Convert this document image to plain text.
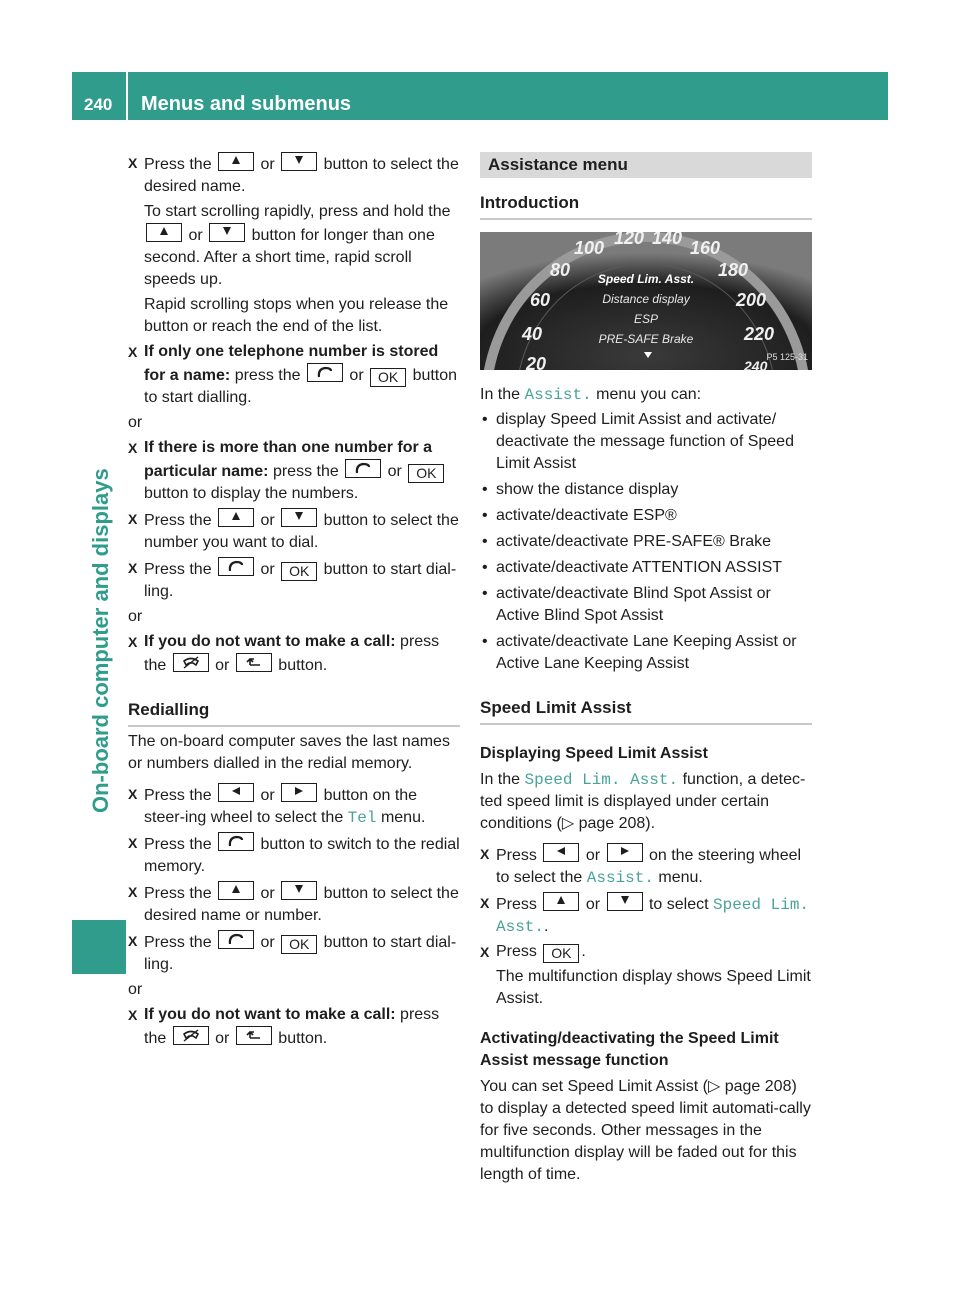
240 Menus and submenus
On-board computer and displays
X Press the	or	button to select the desired name.
To start scrolling rapidly, press and hold the
or	button for longer than one second. After a short time, rapid scroll speeds up.
Rapid scrolling stops when you release the button or reach the end of the list.
X If only one telephone number is stored for a name: press the	or OK button to start dialling.
or
X If there is more than one number for a particular name: press the	or OK button to display the numbers.
X Press the	or	button to select the number you want to dial.
X Press the	or OK button to start dial-ling.
or
X If you do not want to make a call: press the	or	button.
Redialling
The on-board computer saves the last names or numbers dialled in the redial memory.
X Press the	or	button on the steer-ing wheel to select the Tel menu.
X Press the	button to switch to the redial memory.
X Press the	or	button to select the desired name or number.
X Press the	or OK button to start dial-ling.
or
X If you do not want to make a call: press the	or	button.
Assistance menu
Introduction
100 120 140 160
80	180
60	200
40	220
20	240
Speed Lim. Asst.
Distance display
ESP
PRE-SAFE Brake
P5 125-31
In the Assist. menu you can:
• display Speed Limit Assist and activate/ deactivate the message function of Speed Limit Assist
• show the distance display
• activate/deactivate ESP®
• activate/deactivate PRE-SAFE® Brake
• activate/deactivate ATTENTION ASSIST
• activate/deactivate Blind Spot Assist or Active Blind Spot Assist
• activate/deactivate Lane Keeping Assist or Active Lane Keeping Assist
Speed Limit Assist
Displaying Speed Limit Assist
In the Speed Lim. Asst. function, a detec-ted speed limit is displayed under certain conditions (▷ page 208).
X Press	or	on the steering wheel to select the Assist. menu.
X Press	or	to select Speed Lim. Asst..
X Press OK .
The multifunction display shows Speed Limit Assist.
Activating/deactivating the Speed Limit Assist message function
You can set Speed Limit Assist (▷ page 208) to display a detected speed limit automati-cally for five seconds. Other messages in the multifunction display will be faded out for this length of time.
